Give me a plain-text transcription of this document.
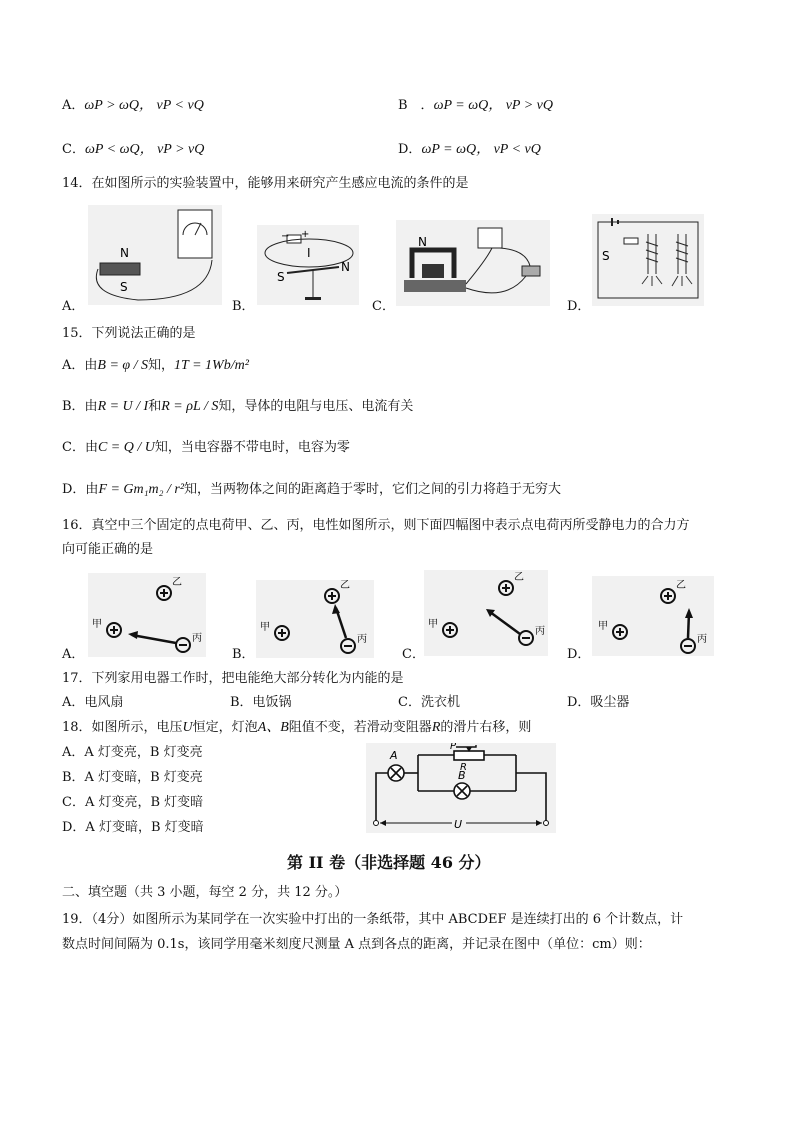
A．ωP > ωQ， vP < vQ	B　．ωP = ωQ， vP > vQ
C．ωP < ωQ， vP > vQ	D．ωP = ωQ， vP < vQ
14．在如图所示的实验装置中，能够用来研究产生感应电流的条件的是
N
S
A．
+
−
I
N
S
B．
N
C．
S
D．
15．下列说法正确的是
A．由B = φ / S知，1T = 1Wb/m²
B．由R = U / I和R = ρL / S知，导体的电阻与电压、电流有关
C．由C = Q / U知，当电容器不带电时，电容为零
D．由F = Gm₁m₂ / r²知，当两物体之间的距离趋于零时，它们之间的引力将趋于无穷大
16．真空中三个固定的点电荷甲、乙、丙，电性如图所示，则下面四幅图中表示点电荷丙所受静电力的合力方
向可能正确的是
乙
甲
丙
A．
乙
甲
丙
B．
乙
甲
丙
C．
乙
甲
丙
D．
17．下列家用电器工作时，把电能绝大部分转化为内能的是
A．电风扇	B．电饭锅	C．洗衣机	D．吸尘器
18．如图所示，电压U恒定，灯泡A、B阻值不变，若滑动变阻器R的滑片右移，则
A．A 灯变亮，B 灯变亮
B．A 灯变暗，B 灯变亮
C．A 灯变亮，B 灯变暗
D．A 灯变暗，B 灯变暗
A
P
R
B
U
第 II 卷（非选择题 46 分）
二、填空题（共 3 小题，每空 2 分，共 12 分。）
19．（4分）如图所示为某同学在一次实验中打出的一条纸带，其中 ABCDEF 是连续打出的 6 个计数点，计
数点时间间隔为 0.1s，该同学用毫米刻度尺测量 A 点到各点的距离，并记录在图中（单位：cm）则：
